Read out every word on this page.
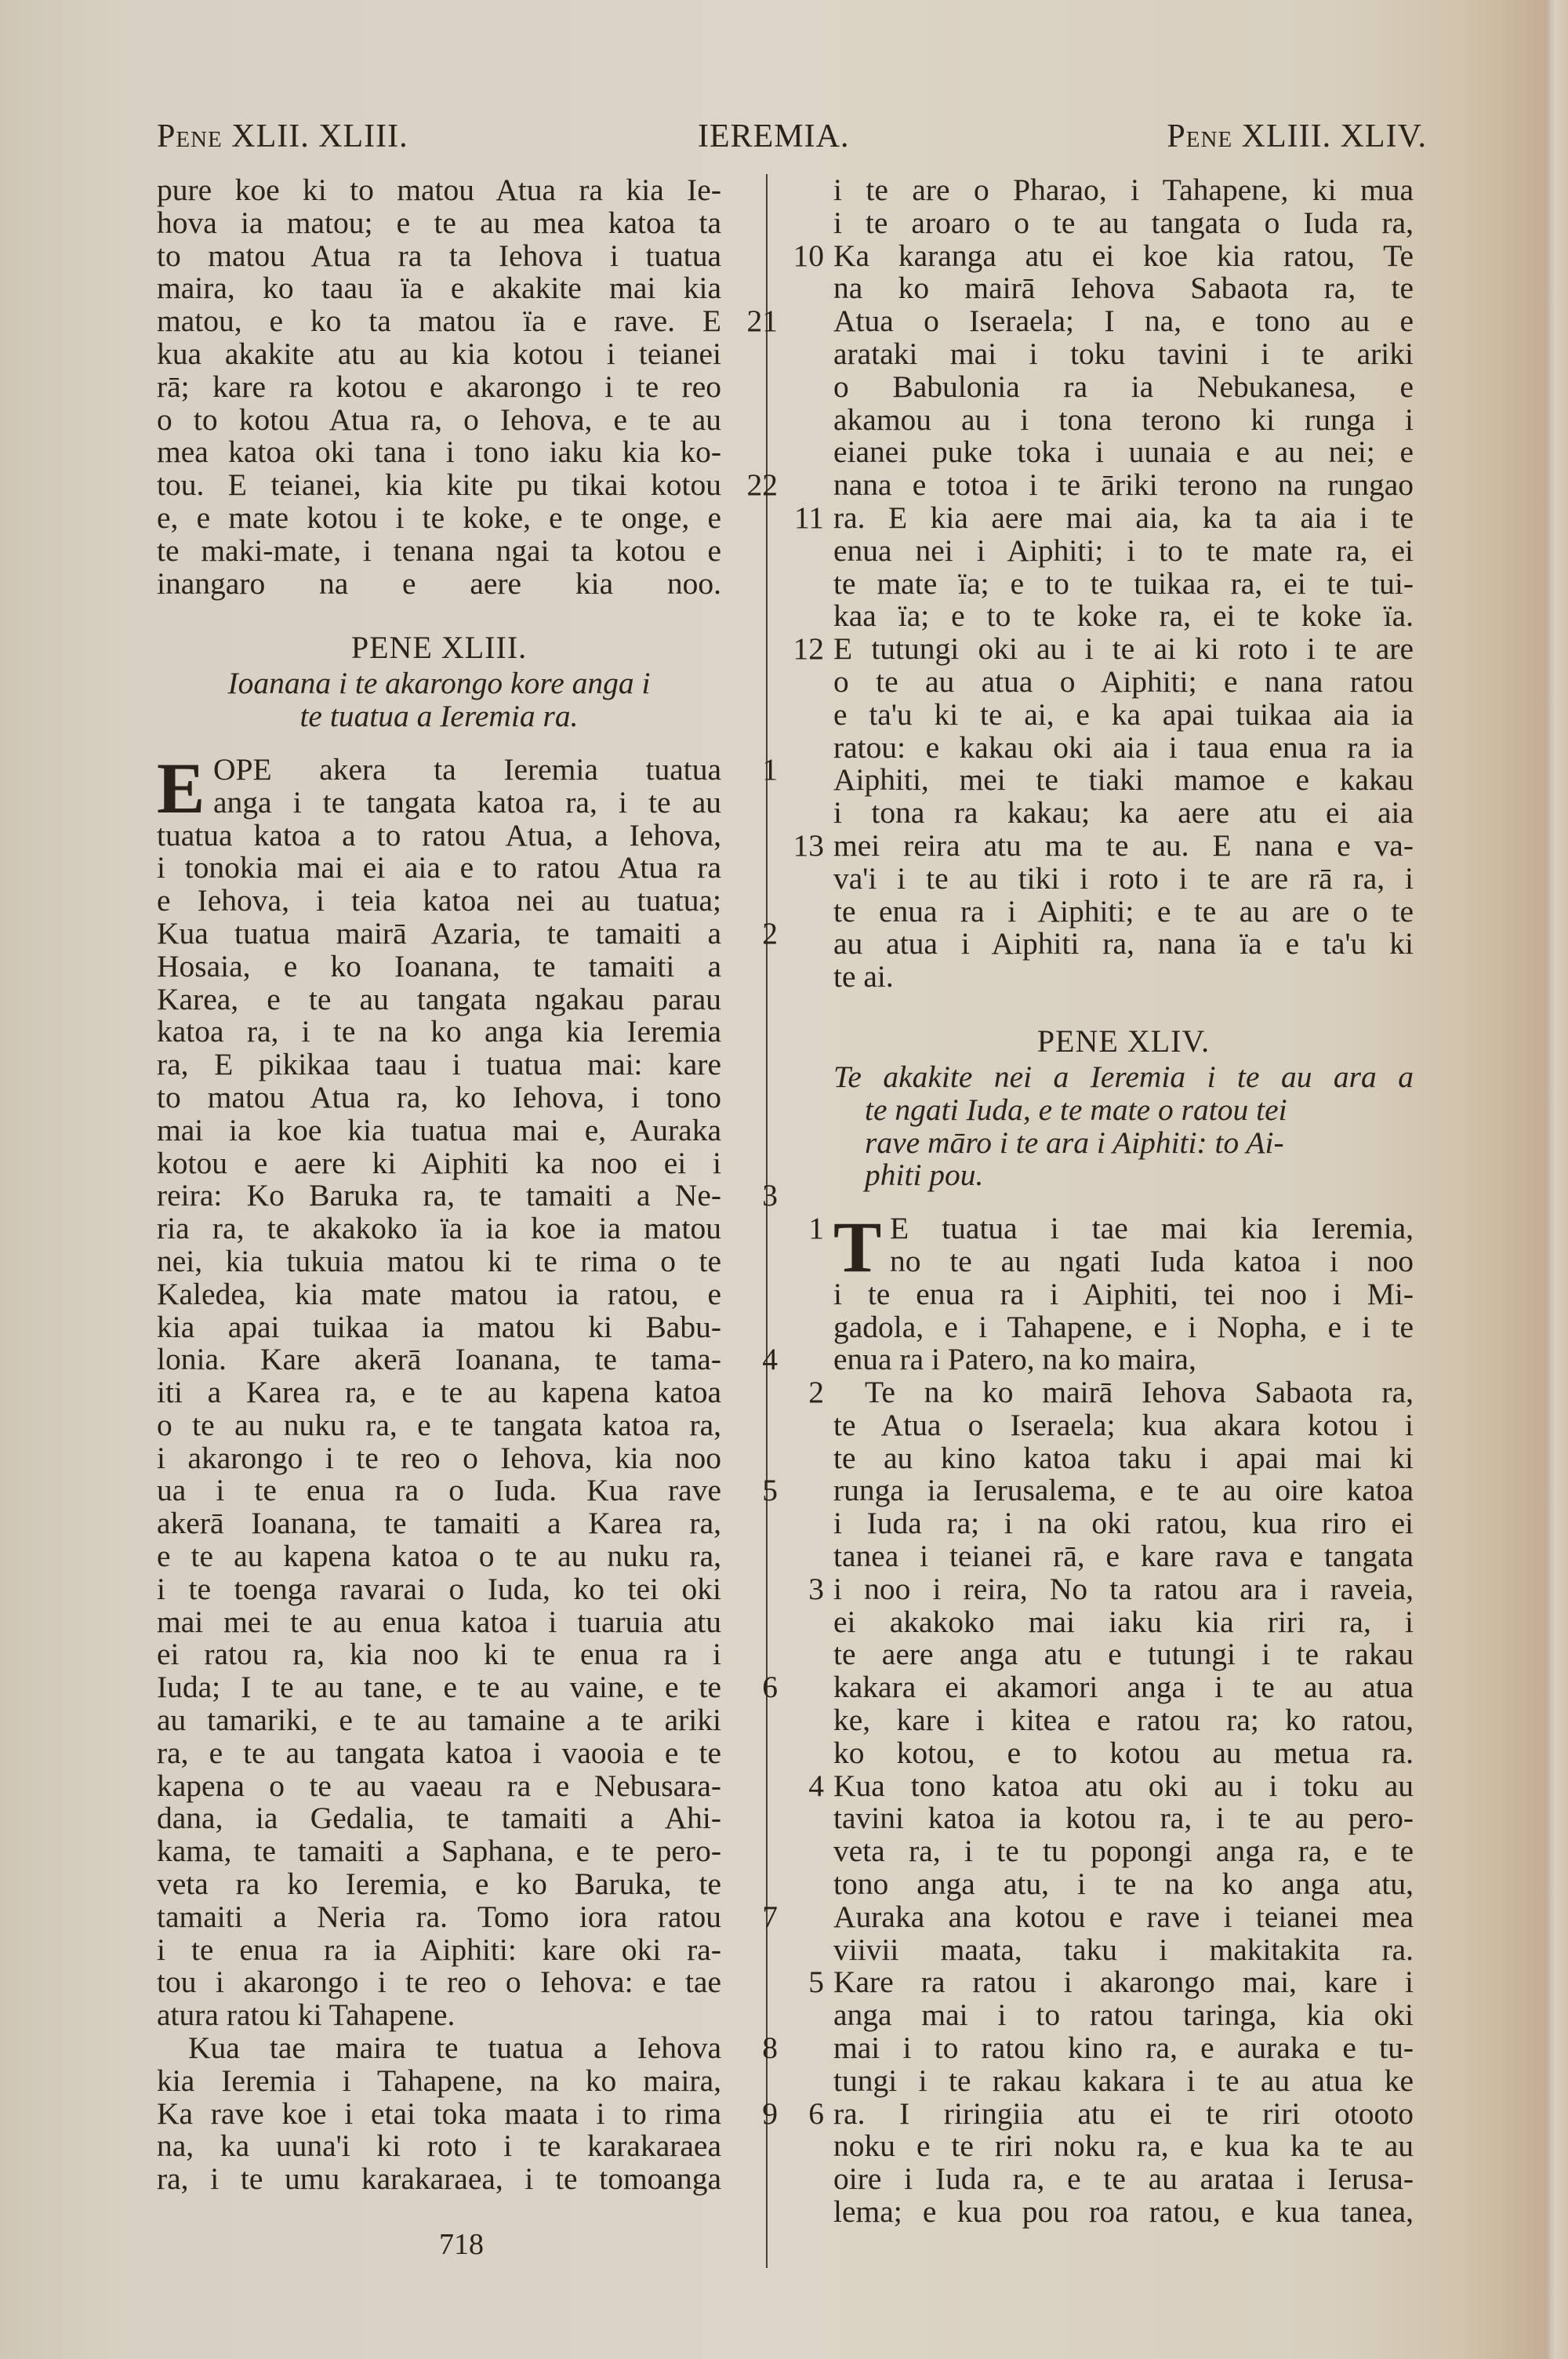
Pene XLII. XLIII.	IEREMIA.	Pene XLIII. XLIV.
pure koe ki to matou Atua ra kia Ie-
hova ia matou; e te au mea katoa ta
to matou Atua ra ta Iehova i tuatua
maira, ko taau ïa e akakite mai kia
matou, e ko ta matou ïa e rave. E 21
kua akakite atu au kia kotou i teianei
rā; kare ra kotou e akarongo i te reo
o to kotou Atua ra, o Iehova, e te au
mea katoa oki tana i tono iaku kia ko-
tou. E teianei, kia kite pu tikai kotou 22
e, e mate kotou i te koke, e te onge, e
te maki-mate, i tenana ngai ta kotou e
inangaro na e aere kia noo.
PENE XLIII.
Ioanana i te akarongo kore anga i
te tuatua a Ieremia ra.
E OPE akera ta Ieremia tuatua	1
anga i te tangata katoa ra, i te au
tuatua katoa a to ratou Atua, a Iehova,
i tonokia mai ei aia e to ratou Atua ra
e Iehova, i teia katoa nei au tuatua;
Kua tuatua mairā Azaria, te tamaiti a	2
Hosaia, e ko Ioanana, te tamaiti a
Karea, e te au tangata ngakau parau
katoa ra, i te na ko anga kia Ieremia
ra, E pikikaa taau i tuatua mai: kare
to matou Atua ra, ko Iehova, i tono
mai ia koe kia tuatua mai e, Auraka
kotou e aere ki Aiphiti ka noo ei i
reira: Ko Baruka ra, te tamaiti a Ne-	3
ria ra, te akakoko ïa ia koe ia matou
nei, kia tukuia matou ki te rima o te
Kaledea, kia mate matou ia ratou, e
kia apai tuikaa ia matou ki Babu-
lonia. Kare akerā Ioanana, te tama-	4
iti a Karea ra, e te au kapena katoa
o te au nuku ra, e te tangata katoa ra,
i akarongo i te reo o Iehova, kia noo
ua i te enua ra o Iuda. Kua rave	5
akerā Ioanana, te tamaiti a Karea ra,
e te au kapena katoa o te au nuku ra,
i te toenga ravarai o Iuda, ko tei oki
mai mei te au enua katoa i tuaruia atu
ei ratou ra, kia noo ki te enua ra i
Iuda; I te au tane, e te au vaine, e te	6
au tamariki, e te au tamaine a te ariki
ra, e te au tangata katoa i vaooia e te
kapena o te au vaeau ra e Nebusara-
dana, ia Gedalia, te tamaiti a Ahi-
kama, te tamaiti a Saphana, e te pero-
veta ra ko Ieremia, e ko Baruka, te
tamaiti a Neria ra. Tomo iora ratou	7
i te enua ra ia Aiphiti: kare oki ra-
tou i akarongo i te reo o Iehova: e tae
atura ratou ki Tahapene.
Kua tae maira te tuatua a Iehova	8
kia Ieremia i Tahapene, na ko maira,
Ka rave koe i etai toka maata i to rima	9
na, ka uuna'i ki roto i te karakaraea
ra, i te umu karakaraea, i te tomoanga
i te are o Pharao, i Tahapene, ki mua
i te aroaro o te au tangata o Iuda ra,
Ka karanga atu ei koe kia ratou, Te
10
na ko mairā Iehova Sabaota ra, te
Atua o Iseraela; I na, e tono au e
arataki mai i toku tavini i te ariki
o Babulonia ra ia Nebukanesa, e
akamou au i tona terono ki runga i
eianei puke toka i uunaia e au nei; e
nana e totoa i te āriki terono na rungao
ra. E kia aere mai aia, ka ta aia i te
11
enua nei i Aiphiti; i to te mate ra, ei
te mate ïa; e to te tuikaa ra, ei te tui-
kaa ïa; e to te koke ra, ei te koke ïa.
E tutungi oki au i te ai ki roto i te are
12
o te au atua o Aiphiti; e nana ratou
e ta'u ki te ai, e ka apai tuikaa aia ia
ratou: e kakau oki aia i taua enua ra ia
Aiphiti, mei te tiaki mamoe e kakau
i tona ra kakau; ka aere atu ei aia
mei reira atu ma te au. E nana e va-
13
va'i i te au tiki i roto i te are rā ra, i
te enua ra i Aiphiti; e te au are o te
au atua i Aiphiti ra, nana ïa e ta'u ki
te ai.
PENE XLIV.
Te akakite nei a Ieremia i te au ara a
te ngati Iuda, e te mate o ratou tei
rave māro i te ara i Aiphiti: to Ai-
phiti pou.
T E tuatua i tae mai kia Ieremia,
1
no te au ngati Iuda katoa i noo
i te enua ra i Aiphiti, tei noo i Mi-
gadola, e i Tahapene, e i Nopha, e i te
enua ra i Patero, na ko maira,
Te na ko mairā Iehova Sabaota ra,
2
te Atua o Iseraela; kua akara kotou i
te au kino katoa taku i apai mai ki
runga ia Ierusalema, e te au oire katoa
i Iuda ra; i na oki ratou, kua riro ei
tanea i teianei rā, e kare rava e tangata
i noo i reira, No ta ratou ara i raveia,
3
ei akakoko mai iaku kia riri ra, i
te aere anga atu e tutungi i te rakau
kakara ei akamori anga i te au atua
ke, kare i kitea e ratou ra; ko ratou,
ko kotou, e to kotou au metua ra.
Kua tono katoa atu oki au i toku au
4
tavini katoa ia kotou ra, i te au pero-
veta ra, i te tu popongi anga ra, e te
tono anga atu, i te na ko anga atu,
Auraka ana kotou e rave i teianei mea
viivii maata, taku i makitakita ra.
Kare ra ratou i akarongo mai, kare i
5
anga mai i to ratou taringa, kia oki
mai i to ratou kino ra, e auraka e tu-
tungi i te rakau kakara i te au atua ke
ra. I riringiia atu ei te riri otooto
6
noku e te riri noku ra, e kua ka te au
oire i Iuda ra, e te au arataa i Ierusa-
lema; e kua pou roa ratou, e kua tanea,
718
